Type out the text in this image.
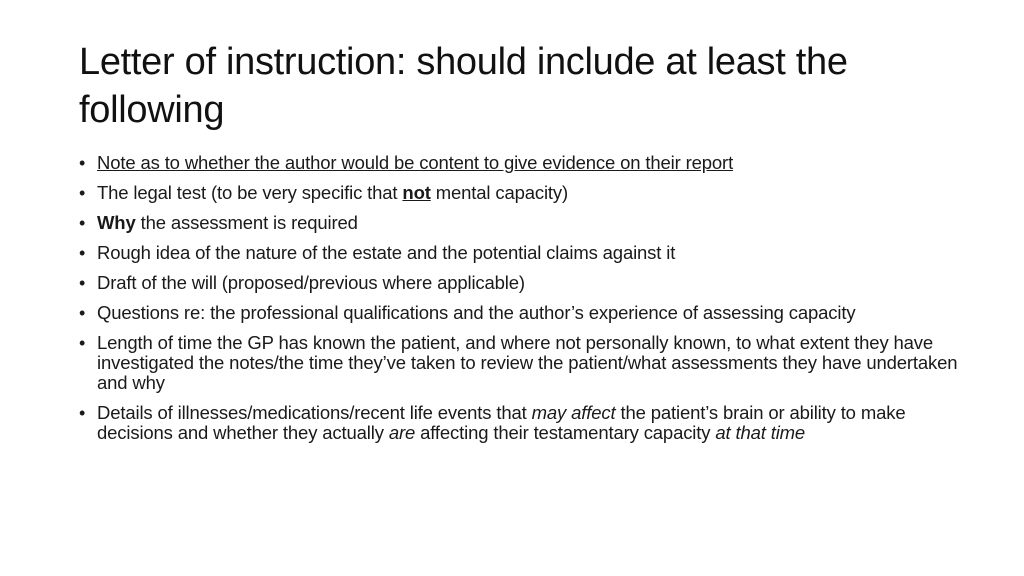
Letter of instruction: should include at least the following
• Note as to whether the author would be content to give evidence on their report
• The legal test (to be very specific that not mental capacity)
• Why the assessment is required
• Rough idea of the nature of the estate and the potential claims against it
• Draft of the will (proposed/previous where applicable)
• Questions re: the professional qualifications and the author’s experience of assessing capacity
• Length of time the GP has known the patient, and where not personally known, to what extent they have investigated the notes/the time they’ve taken to review the patient/what assessments they have undertaken and why
• Details of illnesses/medications/recent life events that may affect the patient’s brain or ability to make decisions and whether they actually are affecting their testamentary capacity at that time
